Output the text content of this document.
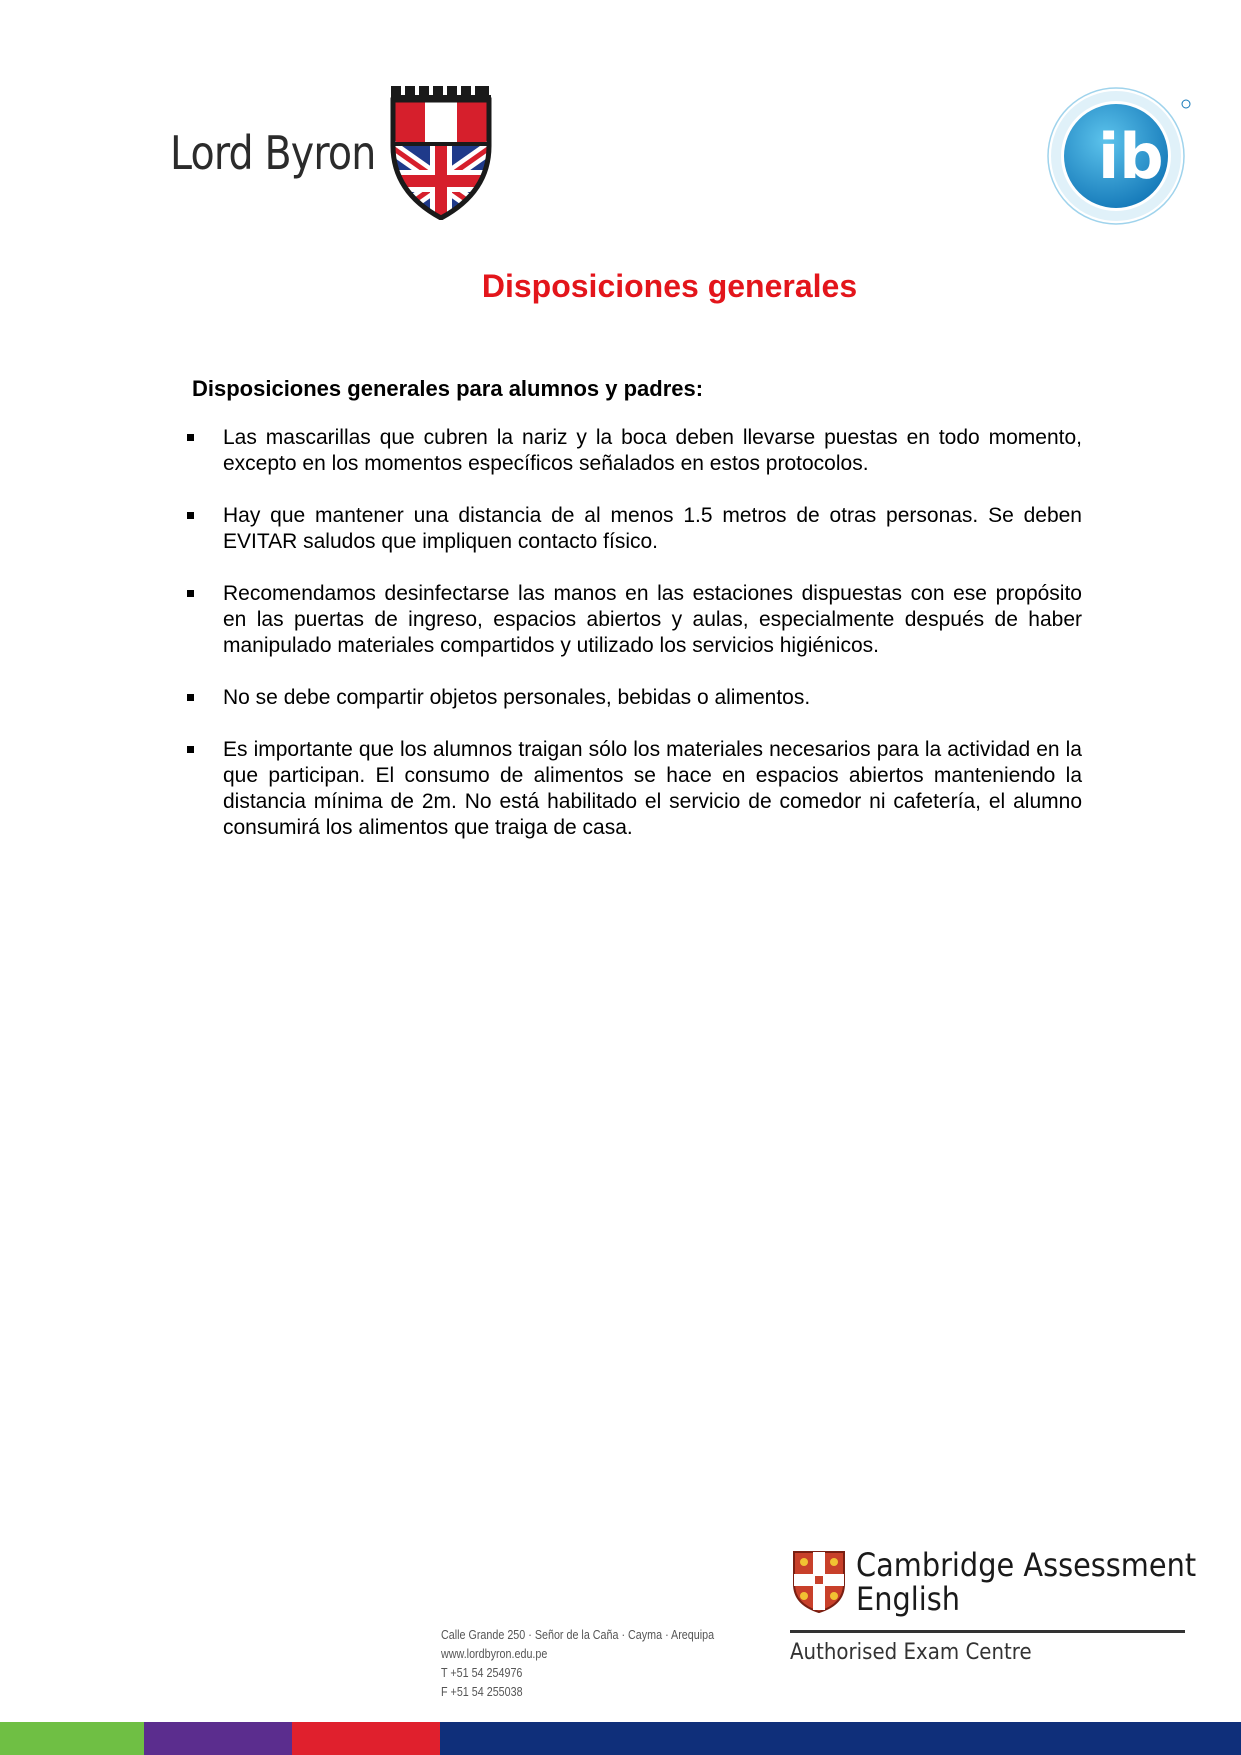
Lord Byron	ib
Disposiciones generales
Disposiciones generales para alumnos y padres:
Las mascarillas que cubren la nariz y la boca deben llevarse puestas en todo momento, excepto en los momentos específicos señalados en estos protocolos.
Hay que mantener una distancia de al menos 1.5 metros de otras personas. Se deben EVITAR saludos que impliquen contacto físico.
Recomendamos desinfectarse las manos en las estaciones dispuestas con ese propósito en las puertas de ingreso, espacios abiertos y aulas, especialmente después de haber manipulado materiales compartidos y utilizado los servicios higiénicos.
No se debe compartir objetos personales, bebidas o alimentos.
Es importante que los alumnos traigan sólo los materiales necesarios para la actividad en la que participan. El consumo de alimentos se hace en espacios abiertos manteniendo la distancia mínima de 2m. No está habilitado el servicio de comedor ni cafetería, el alumno consumirá los alimentos que traiga de casa.
Calle Grande 250 · Señor de la Caña · Cayma · Arequipa
www.lordbyron.edu.pe
T +51 54 254976
F +51 54 255038
Cambridge Assessment
English
Authorised Exam Centre
